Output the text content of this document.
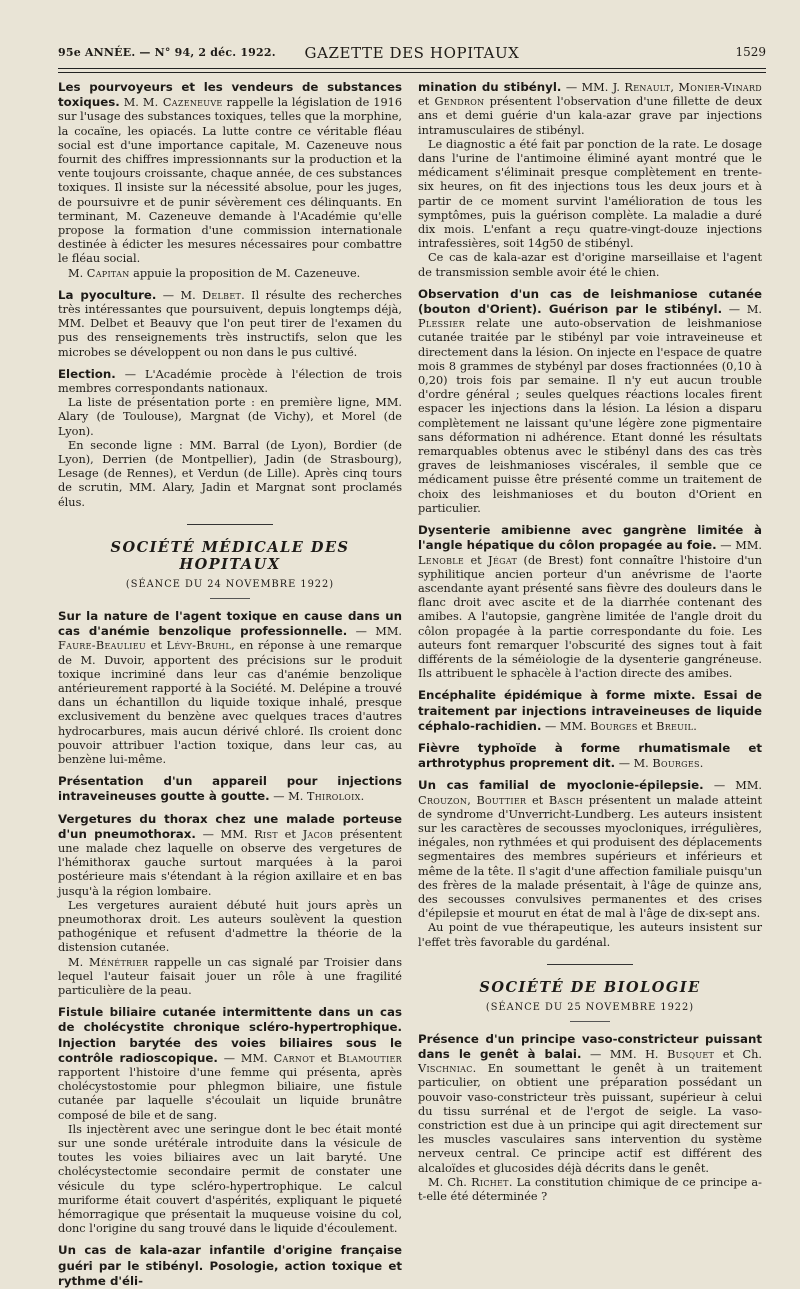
95e ANNÉE. — N° 94, 2 déc. 1922.	GAZETTE DES HOPITAUX	1529

Les pourvoyeurs et les vendeurs de substances toxiques. M. M. Cazeneuve rappelle la législation de 1916 sur l'usage des substances toxiques, telles que la morphine, la cocaïne, les opiacés. La lutte contre ce véritable fléau social est d'une importance capitale, M. Cazeneuve nous fournit des chiffres impressionnants sur la production et la vente toujours croissante, chaque année, de ces substances toxiques. Il insiste sur la nécessité absolue, pour les juges, de poursuivre et de punir sévèrement ces délinquants. En terminant, M. Cazeneuve demande à l'Académie qu'elle propose la formation d'une commission internationale destinée à édicter les mesures nécessaires pour combattre le fléau social.

M. Capitan appuie la proposition de M. Cazeneuve.

La pyoculture. — M. Delbet. Il résulte des recherches très intéressantes que poursuivent, depuis longtemps déjà, MM. Delbet et Beauvy que l'on peut tirer de l'examen du pus des renseignements très instructifs, selon que les microbes se développent ou non dans le pus cultivé.

Election. — L'Académie procède à l'élection de trois membres correspondants nationaux.

La liste de présentation porte : en première ligne, MM. Alary (de Toulouse), Margnat (de Vichy), et Morel (de Lyon).

En seconde ligne : MM. Barral (de Lyon), Bordier (de Lyon), Derrien (de Montpellier), Jadin (de Strasbourg), Lesage (de Rennes), et Verdun (de Lille). Après cinq tours de scrutin, MM. Alary, Jadin et Margnat sont proclamés élus.

SOCIÉTÉ MÉDICALE DES HOPITAUX
(SÉANCE DU 24 NOVEMBRE 1922)

Sur la nature de l'agent toxique en cause dans un cas d'anémie benzolique professionnelle. — MM. Faure-Beaulieu et Lévy-Bruhl, en réponse à une remarque de M. Duvoir, apportent des précisions sur le produit toxique incriminé dans leur cas d'anémie benzolique antérieurement rapporté à la Société. M. Delépine a trouvé dans un échantillon du liquide toxique inhalé, presque exclusivement du benzène avec quelques traces d'autres hydrocarbures, mais aucun dérivé chloré. Ils croient donc pouvoir attribuer l'action toxique, dans leur cas, au benzène lui-même.

Présentation d'un appareil pour injections intraveineuses goutte à goutte. — M. Thiroloix.

Vergetures du thorax chez une malade porteuse d'un pneumothorax. — MM. Rist et Jacob présentent une malade chez laquelle on observe des vergetures de l'hémithorax gauche surtout marquées à la paroi postérieure mais s'étendant à la région axillaire et en bas jusqu'à la région lombaire.

Les vergetures auraient débuté huit jours après un pneumothorax droit. Les auteurs soulèvent la question pathogénique et refusent d'admettre la théorie de la distension cutanée.

M. Ménétrier rappelle un cas signalé par Troisier dans lequel l'auteur faisait jouer un rôle à une fragilité particulière de la peau.

Fistule biliaire cutanée intermittente dans un cas de cholécystite chronique scléro-hypertrophique. Injection barytée des voies biliaires sous le contrôle radioscopique. — MM. Carnot et Blamoutier rapportent l'histoire d'une femme qui présenta, après cholécystostomie pour phlegmon biliaire, une fistule cutanée par laquelle s'écoulait un liquide brunâtre composé de bile et de sang.

Ils injectèrent avec une seringue dont le bec était monté sur une sonde urétérale introduite dans la vésicule de toutes les voies biliaires avec un lait baryté. Une cholécystectomie secondaire permit de constater une vésicule du type scléro-hypertrophique. Le calcul muriforme était couvert d'aspérités, expliquant le piqueté hémorragique que présentait la muqueuse voisine du col, donc l'origine du sang trouvé dans le liquide d'écoulement.

Un cas de kala-azar infantile d'origine française guéri par le stibényl. Posologie, action toxique et rythme d'éli-

mination du stibényl. — MM. J. Renault, Monier-Vinard et Gendron présentent l'observation d'une fillette de deux ans et demi guérie d'un kala-azar grave par injections intramusculaires de stibényl.

Le diagnostic a été fait par ponction de la rate. Le dosage dans l'urine de l'antimoine éliminé ayant montré que le médicament s'éliminait presque complètement en trente-six heures, on fit des injections tous les deux jours et à partir de ce moment survint l'amélioration de tous les symptômes, puis la guérison complète. La maladie a duré dix mois. L'enfant a reçu quatre-vingt-douze injections intrafessières, soit 14g50 de stibényl.

Ce cas de kala-azar est d'origine marseillaise et l'agent de transmission semble avoir été le chien.

Observation d'un cas de leishmaniose cutanée (bouton d'Orient). Guérison par le stibényl. — M. Plessier relate une auto-observation de leishmaniose cutanée traitée par le stibényl par voie intraveineuse et directement dans la lésion. On injecte en l'espace de quatre mois 8 grammes de stybényl par doses fractionnées (0,10 à 0,20) trois fois par semaine. Il n'y eut aucun trouble d'ordre général ; seules quelques réactions locales firent espacer les injections dans la lésion. La lésion a disparu complètement ne laissant qu'une légère zone pigmentaire sans déformation ni adhérence. Etant donné les résultats remarquables obtenus avec le stibényl dans des cas très graves de leishmanioses viscérales, il semble que ce médicament puisse être présenté comme un traitement de choix des leishmanioses et du bouton d'Orient en particulier.

Dysenterie amibienne avec gangrène limitée à l'angle hépatique du côlon propagée au foie. — MM. Lenoble et Jégat (de Brest) font connaître l'histoire d'un syphilitique ancien porteur d'un anévrisme de l'aorte ascendante ayant présenté sans fièvre des douleurs dans le flanc droit avec ascite et de la diarrhée contenant des amibes. A l'autopsie, gangrène limitée de l'angle droit du côlon propagée à la partie correspondante du foie. Les auteurs font remarquer l'obscurité des signes tout à fait différents de la séméiologie de la dysenterie gangréneuse. Ils attribuent le sphacèle à l'action directe des amibes.

Encéphalite épidémique à forme mixte. Essai de traitement par injections intraveineuses de liquide céphalo-rachidien. — MM. Bourges et Breuil.

Fièvre typhoïde à forme rhumatismale et arthrotyphus proprement dit. — M. Bourges.

Un cas familial de myoclonie-épilepsie. — MM. Crouzon, Bouttier et Basch présentent un malade atteint de syndrome d'Unverricht-Lundberg. Les auteurs insistent sur les caractères de secousses myocloniques, irrégulières, inégales, non rythmées et qui produisent des déplacements segmentaires des membres supérieurs et inférieurs et même de la tête. Il s'agit d'une affection familiale puisqu'un des frères de la malade présentait, à l'âge de quinze ans, des secousses convulsives permanentes et des crises d'épilepsie et mourut en état de mal à l'âge de dix-sept ans.

Au point de vue thérapeutique, les auteurs insistent sur l'effet très favorable du gardénal.

SOCIÉTÉ DE BIOLOGIE
(SÉANCE DU 25 NOVEMBRE 1922)

Présence d'un principe vaso-constricteur puissant dans le genêt à balai. — MM. H. Busquet et Ch. Vischniac. En soumettant le genêt à un traitement particulier, on obtient une préparation possédant un pouvoir vaso-constricteur très puissant, supérieur à celui du tissu surrénal et de l'ergot de seigle. La vaso-constriction est due à un principe qui agit directement sur les muscles vasculaires sans intervention du système nerveux central. Ce principe actif est différent des alcaloïdes et glucosides déjà décrits dans le genêt.

M. Ch. Richet. La constitution chimique de ce principe a-t-elle été déterminée ?
